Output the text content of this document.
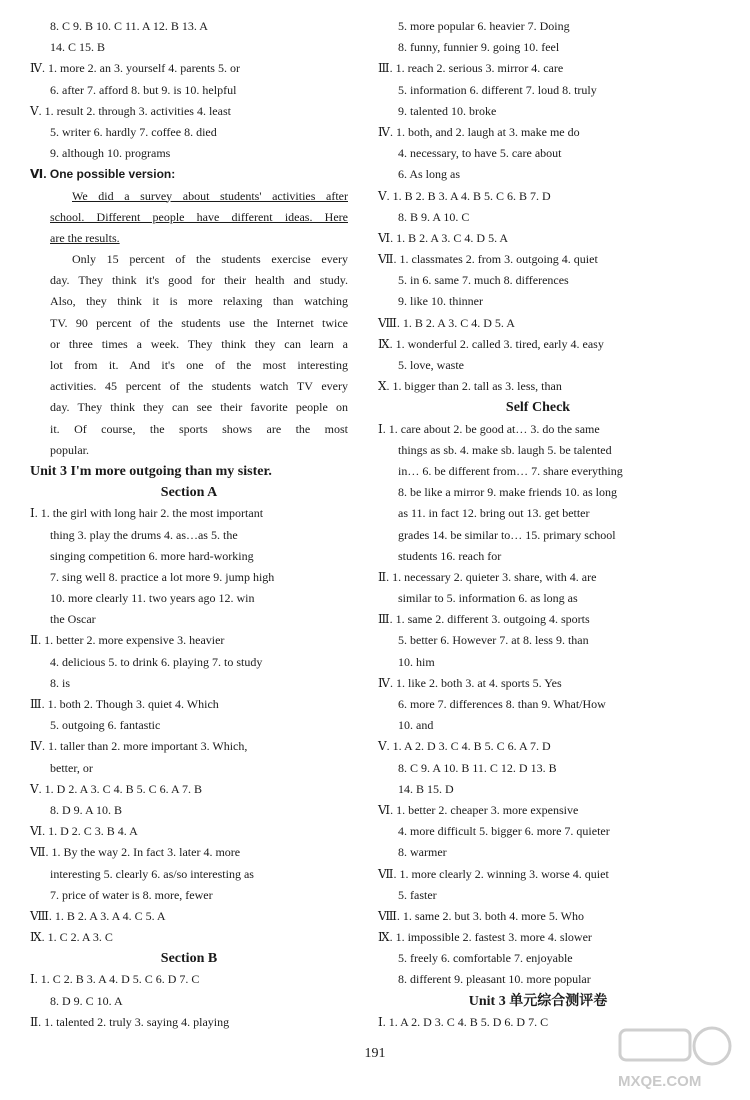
8. C 9. B 10. C 11. A 12. B 13. A
14. C 15. B
Ⅳ. 1. more 2. an 3. yourself 4. parents 5. or
6. after 7. afford 8. but 9. is 10. helpful
Ⅴ. 1. result 2. through 3. activities 4. least
5. writer 6. hardly 7. coffee 8. died
9. although 10. programs
Ⅵ. One possible version:
We did a survey about students' activities after
school. Different people have different ideas. Here
are the results.
Only 15 percent of the students exercise every
day. They think it's good for their health and study.
Also, they think it is more relaxing than watching
TV. 90 percent of the students use the Internet twice
or three times a week. They think they can learn a
lot from it. And it's one of the most interesting
activities. 45 percent of the students watch TV every
day. They think they can see their favorite people on
it. Of course, the sports shows are the most
popular.
Unit 3 I'm more outgoing than my sister.
Section A
Ⅰ. 1. the girl with long hair 2. the most important
thing 3. play the drums 4. as…as 5. the
singing competition 6. more hard-working
7. sing well 8. practice a lot more 9. jump high
10. more clearly 11. two years ago 12. win
the Oscar
Ⅱ. 1. better 2. more expensive 3. heavier
4. delicious 5. to drink 6. playing 7. to study
8. is
Ⅲ. 1. both 2. Though 3. quiet 4. Which
5. outgoing 6. fantastic
Ⅳ. 1. taller than 2. more important 3. Which,
better, or
Ⅴ. 1. D 2. A 3. C 4. B 5. C 6. A 7. B
8. D 9. A 10. B
Ⅵ. 1. D 2. C 3. B 4. A
Ⅶ. 1. By the way 2. In fact 3. later 4. more
interesting 5. clearly 6. as/so interesting as
7. price of water is 8. more, fewer
Ⅷ. 1. B 2. A 3. A 4. C 5. A
Ⅸ. 1. C 2. A 3. C
Section B
Ⅰ. 1. C 2. B 3. A 4. D 5. C 6. D 7. C
8. D 9. C 10. A
Ⅱ. 1. talented 2. truly 3. saying 4. playing
5. more popular 6. heavier 7. Doing
8. funny, funnier 9. going 10. feel
Ⅲ. 1. reach 2. serious 3. mirror 4. care
5. information 6. different 7. loud 8. truly
9. talented 10. broke
Ⅳ. 1. both, and 2. laugh at 3. make me do
4. necessary, to have 5. care about
6. As long as
Ⅴ. 1. B 2. B 3. A 4. B 5. C 6. B 7. D
8. B 9. A 10. C
Ⅵ. 1. B 2. A 3. C 4. D 5. A
Ⅶ. 1. classmates 2. from 3. outgoing 4. quiet
5. in 6. same 7. much 8. differences
9. like 10. thinner
Ⅷ. 1. B 2. A 3. C 4. D 5. A
Ⅸ. 1. wonderful 2. called 3. tired, early 4. easy
5. love, waste
Ⅹ. 1. bigger than 2. tall as 3. less, than
Self Check
Ⅰ. 1. care about 2. be good at… 3. do the same
things as sb. 4. make sb. laugh 5. be talented
in… 6. be different from… 7. share everything
8. be like a mirror 9. make friends 10. as long
as 11. in fact 12. bring out 13. get better
grades 14. be similar to… 15. primary school
students 16. reach for
Ⅱ. 1. necessary 2. quieter 3. share, with 4. are
similar to 5. information 6. as long as
Ⅲ. 1. same 2. different 3. outgoing 4. sports
5. better 6. However 7. at 8. less 9. than
10. him
Ⅳ. 1. like 2. both 3. at 4. sports 5. Yes
6. more 7. differences 8. than 9. What/How
10. and
Ⅴ. 1. A 2. D 3. C 4. B 5. C 6. A 7. D
8. C 9. A 10. B 11. C 12. D 13. B
14. B 15. D
Ⅵ. 1. better 2. cheaper 3. more expensive
4. more difficult 5. bigger 6. more 7. quieter
8. warmer
Ⅶ. 1. more clearly 2. winning 3. worse 4. quiet
5. faster
Ⅷ. 1. same 2. but 3. both 4. more 5. Who
Ⅸ. 1. impossible 2. fastest 3. more 4. slower
5. freely 6. comfortable 7. enjoyable
8. different 9. pleasant 10. more popular
Unit 3 单元综合测评卷
Ⅰ. 1. A 2. D 3. C 4. B 5. D 6. D 7. C
191
MXQE.COM
